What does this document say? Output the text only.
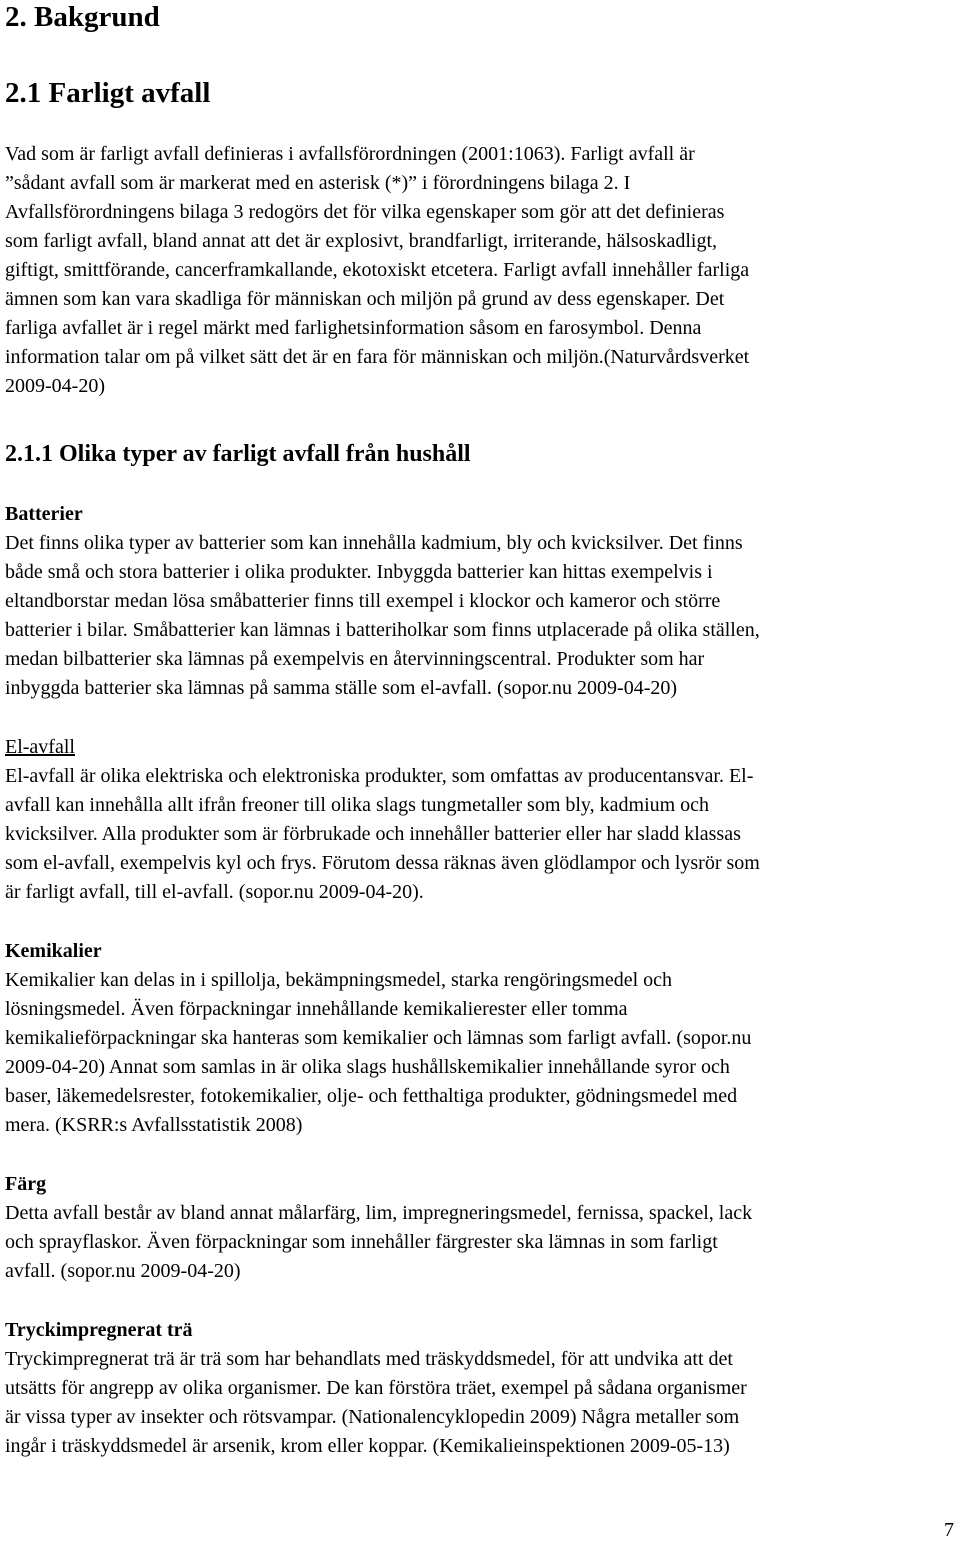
2. Bakgrund
2.1 Farligt avfall

Vad som är farligt avfall definieras i avfallsförordningen (2001:1063). Farligt avfall är
”sådant avfall som är markerat med en asterisk (*)” i förordningens bilaga 2. I
Avfallsförordningens bilaga 3 redogörs det för vilka egenskaper som gör att det definieras
som farligt avfall, bland annat att det är explosivt, brandfarligt, irriterande, hälsoskadligt,
giftigt, smittförande, cancerframkallande, ekotoxiskt etcetera. Farligt avfall innehåller farliga
ämnen som kan vara skadliga för människan och miljön på grund av dess egenskaper. Det
farliga avfallet är i regel märkt med farlighetsinformation såsom en farosymbol. Denna
information talar om på vilket sätt det är en fara för människan och miljön.(Naturvårdsverket
2009-04-20)

2.1.1 Olika typer av farligt avfall från hushåll
Batterier

Det finns olika typer av batterier som kan innehålla kadmium, bly och kvicksilver. Det finns
både små och stora batterier i olika produkter. Inbyggda batterier kan hittas exempelvis i
eltandborstar medan lösa småbatterier finns till exempel i klockor och kameror och större
batterier i bilar. Småbatterier kan lämnas i batteriholkar som finns utplacerade på olika ställen,
medan bilbatterier ska lämnas på exempelvis en återvinningscentral. Produkter som har
inbyggda batterier ska lämnas på samma ställe som el-avfall. (sopor.nu 2009-04-20)

El-avfall

El-avfall är olika elektriska och elektroniska produkter, som omfattas av producentansvar. El-
avfall kan innehålla allt ifrån freoner till olika slags tungmetaller som bly, kadmium och
kvicksilver. Alla produkter som är förbrukade och innehåller batterier eller har sladd klassas
som el-avfall, exempelvis kyl och frys. Förutom dessa räknas även glödlampor och lysrör som
är farligt avfall, till el-avfall. (sopor.nu 2009-04-20).

Kemikalier

Kemikalier kan delas in i spillolja, bekämpningsmedel, starka rengöringsmedel och
lösningsmedel. Även förpackningar innehållande kemikalierester eller tomma
kemikalieförpackningar ska hanteras som kemikalier och lämnas som farligt avfall. (sopor.nu
2009-04-20) Annat som samlas in är olika slags hushållskemikalier innehållande syror och
baser, läkemedelsrester, fotokemikalier, olje- och fetthaltiga produkter, gödningsmedel med
mera. (KSRR:s Avfallsstatistik 2008)

Färg

Detta avfall består av bland annat målarfärg, lim, impregneringsmedel, fernissa, spackel, lack
och sprayflaskor. Även förpackningar som innehåller färgrester ska lämnas in som farligt
avfall. (sopor.nu 2009-04-20)

Tryckimpregnerat trä

Tryckimpregnerat trä är trä som har behandlats med träskyddsmedel, för att undvika att det
utsätts för angrepp av olika organismer. De kan förstöra träet, exempel på sådana organismer
är vissa typer av insekter och rötsvampar. (Nationalencyklopedin 2009) Några metaller som
ingår i träskyddsmedel är arsenik, krom eller koppar. (Kemikalieinspektionen 2009-05-13)

7
